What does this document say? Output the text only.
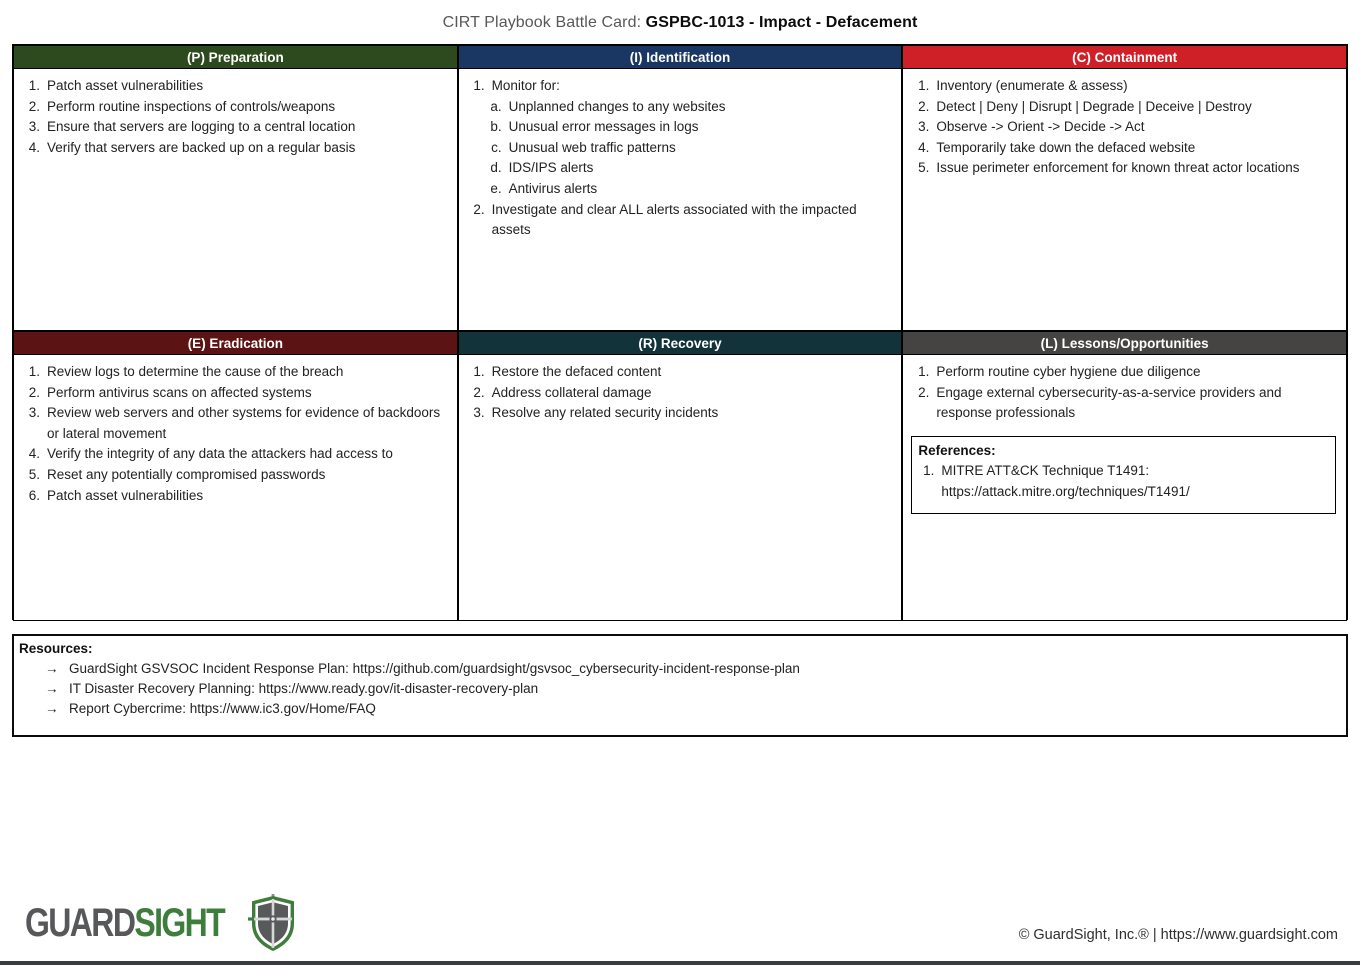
CIRT Playbook Battle Card: GSPBC-1013 - Impact - Defacement
(P) Preparation
1. Patch asset vulnerabilities
2. Perform routine inspections of controls/weapons
3. Ensure that servers are logging to a central location
4. Verify that servers are backed up on a regular basis
(I) Identification
1. Monitor for:
a. Unplanned changes to any websites
b. Unusual error messages in logs
c. Unusual web traffic patterns
d. IDS/IPS alerts
e. Antivirus alerts
2. Investigate and clear ALL alerts associated with the impacted assets
(C) Containment
1. Inventory (enumerate & assess)
2. Detect | Deny | Disrupt | Degrade | Deceive | Destroy
3. Observe -> Orient -> Decide -> Act
4. Temporarily take down the defaced website
5. Issue perimeter enforcement for known threat actor locations
(E) Eradication
1. Review logs to determine the cause of the breach
2. Perform antivirus scans on affected systems
3. Review web servers and other systems for evidence of backdoors or lateral movement
4. Verify the integrity of any data the attackers had access to
5. Reset any potentially compromised passwords
6. Patch asset vulnerabilities
(R) Recovery
1. Restore the defaced content
2. Address collateral damage
3. Resolve any related security incidents
(L) Lessons/Opportunities
1. Perform routine cyber hygiene due diligence
2. Engage external cybersecurity-as-a-service providers and response professionals
References:
1. MITRE ATT&CK Technique T1491:
https://attack.mitre.org/techniques/T1491/
Resources:
→ GuardSight GSVSOC Incident Response Plan: https://github.com/guardsight/gsvsoc_cybersecurity-incident-response-plan
→ IT Disaster Recovery Planning: https://www.ready.gov/it-disaster-recovery-plan
→ Report Cybercrime: https://www.ic3.gov/Home/FAQ
GUARDSIGHT	© GuardSight, Inc.® | https://www.guardsight.com
